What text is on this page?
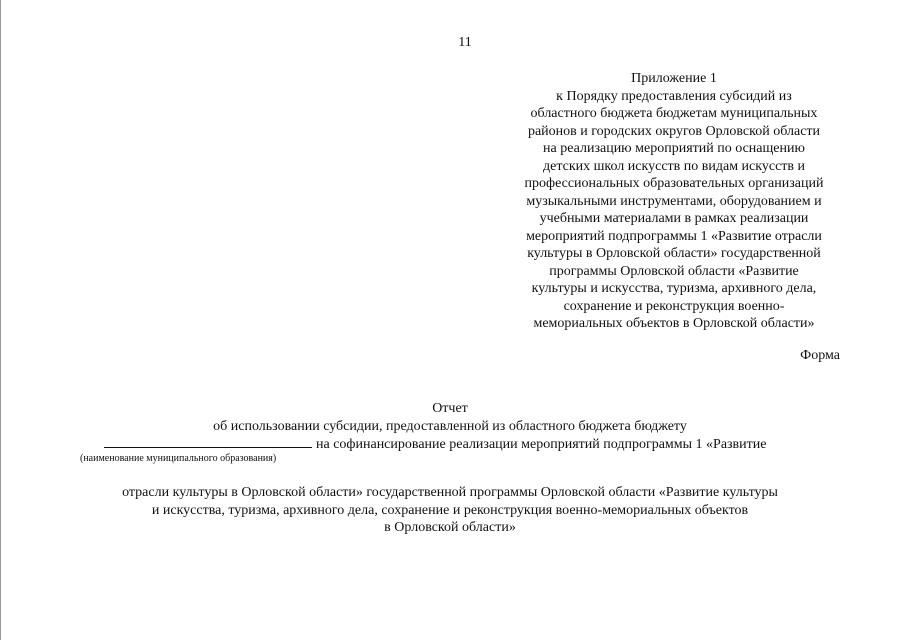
11
Приложение 1
к Порядку предоставления субсидий из
областного бюджета бюджетам муниципальных
районов и городских округов Орловской области
на реализацию мероприятий по оснащению
детских школ искусств по видам искусств и
профессиональных образовательных организаций
музыкальными инструментами, оборудованием и
учебными материалами в рамках реализации
мероприятий подпрограммы 1 «Развитие отрасли
культуры в Орловской области» государственной
программы Орловской области «Развитие
культуры и искусства, туризма, архивного дела,
сохранение и реконструкция военно-
мемориальных объектов в Орловской области»
Форма
Отчет
об использовании субсидии, предоставленной из областного бюджета бюджету
на софинансирование реализации мероприятий подпрограммы 1 «Развитие
(наименование муниципального образования)
отрасли культуры в Орловской области» государственной программы Орловской области «Развитие культуры
и искусства, туризма, архивного дела, сохранение и реконструкция военно-мемориальных объектов
в Орловской области»
